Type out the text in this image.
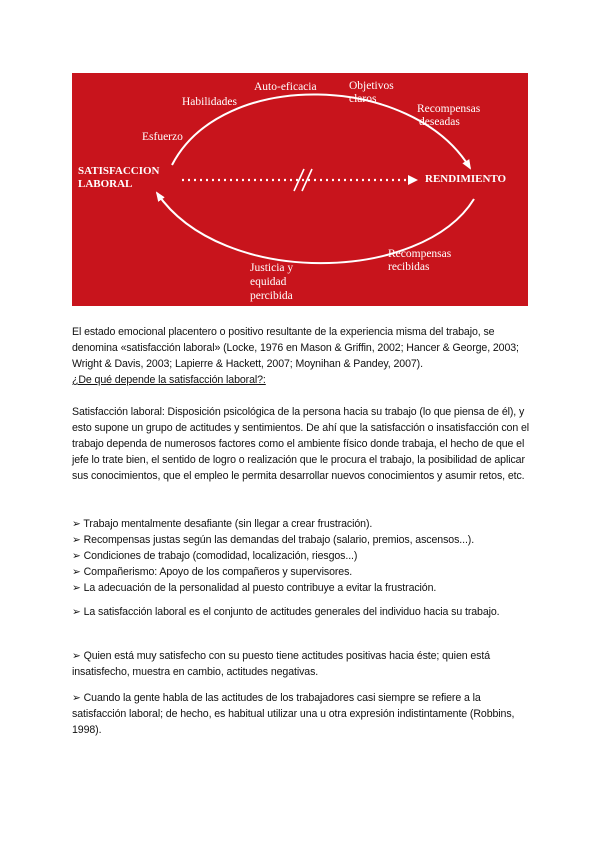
SATISFACCION
LABORAL	RENDIMIENTO
Esfuerzo
Habilidades
Auto-eficacia	Objetivos
claros
Recompensas
deseadas
Justicia y
equidad
percibida
Recompensas
recibidas

El estado emocional placentero o positivo resultante de la experiencia misma del trabajo, se denomina «satisfacción laboral» (Locke, 1976 en Mason & Griffin, 2002; Hancer & George, 2003; Wright & Davis, 2003; Lapierre & Hackett, 2007; Moynihan & Pandey, 2007).

¿De qué depende la satisfacción laboral?:

Satisfacción laboral: Disposición psicológica de la persona hacia su trabajo (lo que piensa de él), y esto supone un grupo de actitudes y sentimientos. De ahí que la satisfacción o insatisfacción con el trabajo dependa de numerosos factores como el ambiente físico donde trabaja, el hecho de que el jefe lo trate bien, el sentido de logro o realización que le procura el trabajo, la posibilidad de aplicar sus conocimientos, que el empleo le permita desarrollar nuevos conocimientos y asumir retos, etc.

➢ Trabajo mentalmente desafiante (sin llegar a crear frustración).
➢ Recompensas justas según las demandas del trabajo (salario, premios, ascensos...).
➢ Condiciones de trabajo (comodidad, localización, riesgos...)
➢ Compañerismo: Apoyo de los compañeros y supervisores.
➢ La adecuación de la personalidad al puesto contribuye a evitar la frustración.
➢ La satisfacción laboral es el conjunto de actitudes generales del individuo hacia su trabajo.
➢ Quien está muy satisfecho con su puesto tiene actitudes positivas hacia éste; quien está insatisfecho, muestra en cambio, actitudes negativas.
➢ Cuando la gente habla de las actitudes de los trabajadores casi siempre se refiere a la satisfacción laboral; de hecho, es habitual utilizar una u otra expresión indistintamente (Robbins, 1998).
